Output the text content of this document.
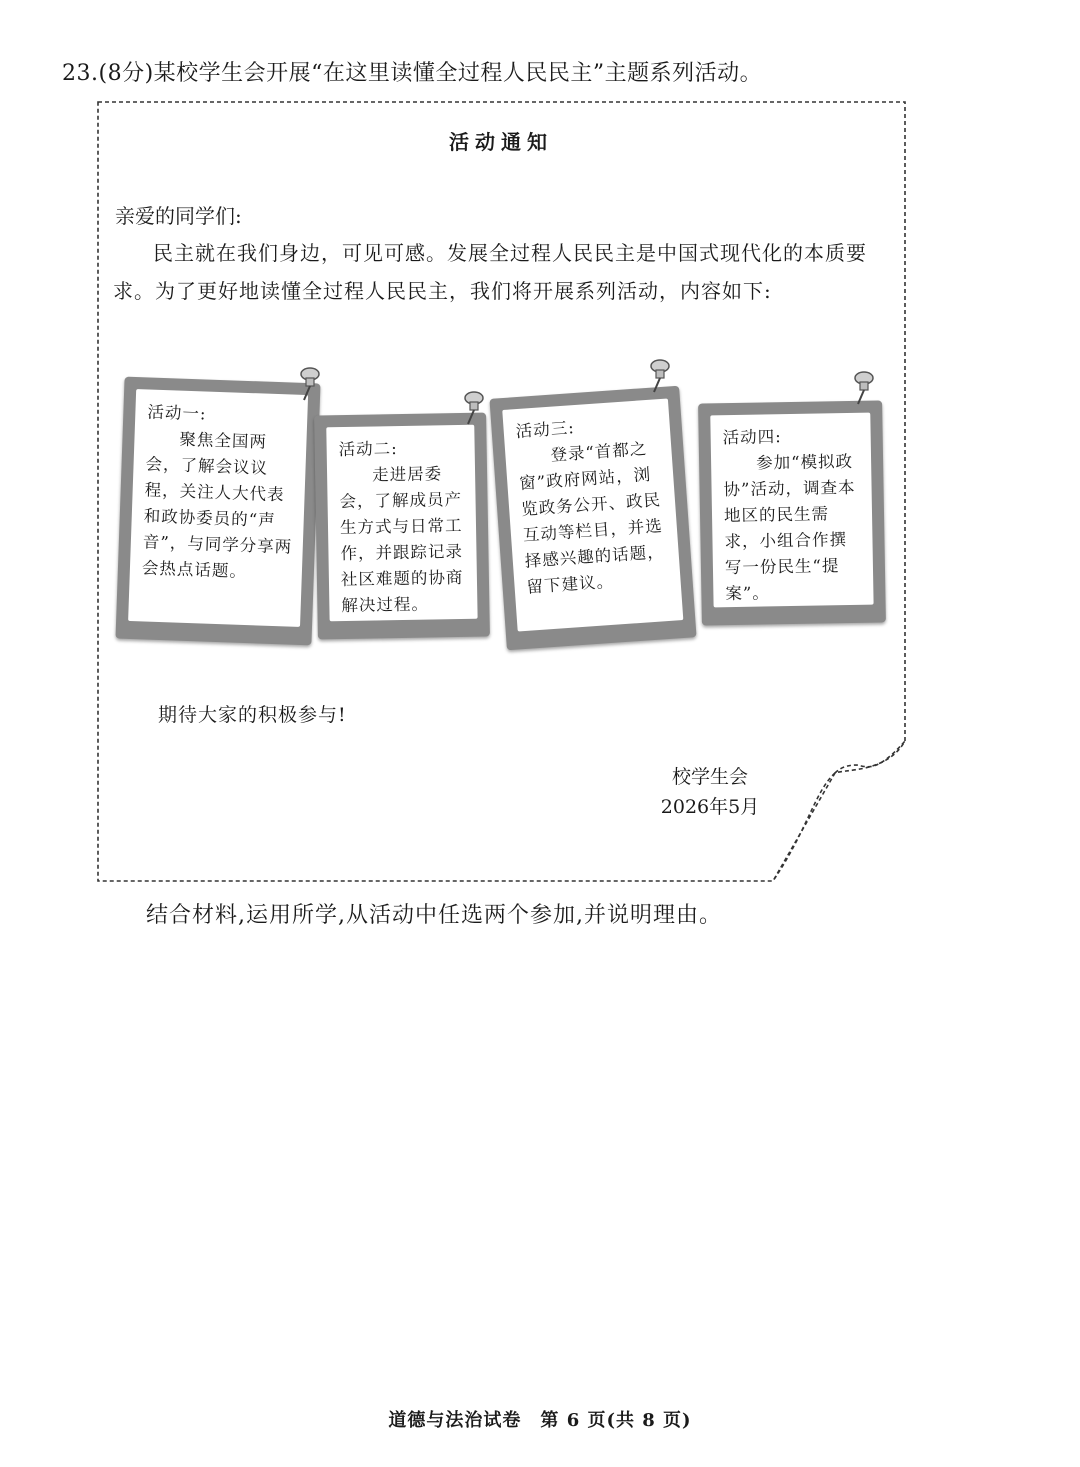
23.(8分)某校学生会开展“在这里读懂全过程人民民主”主题系列活动。
活动通知
亲爱的同学们:
民主就在我们身边，可见可感。发展全过程人民民主是中国式现代化的本质要求。为了更好地读懂全过程人民民主，我们将开展系列活动，内容如下:
活动一:
聚焦全国两会，了解会议议程，关注人大代表和政协委员的“声音”，与同学分享两会热点话题。
活动二:
走进居委会，了解成员产生方式与日常工作，并跟踪记录社区难题的协商解决过程。
活动三:
登录“首都之窗”政府网站，浏览政务公开、政民互动等栏目，并选择感兴趣的话题，留下建议。
活动四:
参加“模拟政协”活动，调查本地区的民生需求，小组合作撰写一份民生“提案”。
期待大家的积极参与!
校学生会
2026年5月
结合材料,运用所学,从活动中任选两个参加,并说明理由。
道德与法治试卷　第 6 页(共 8 页)
